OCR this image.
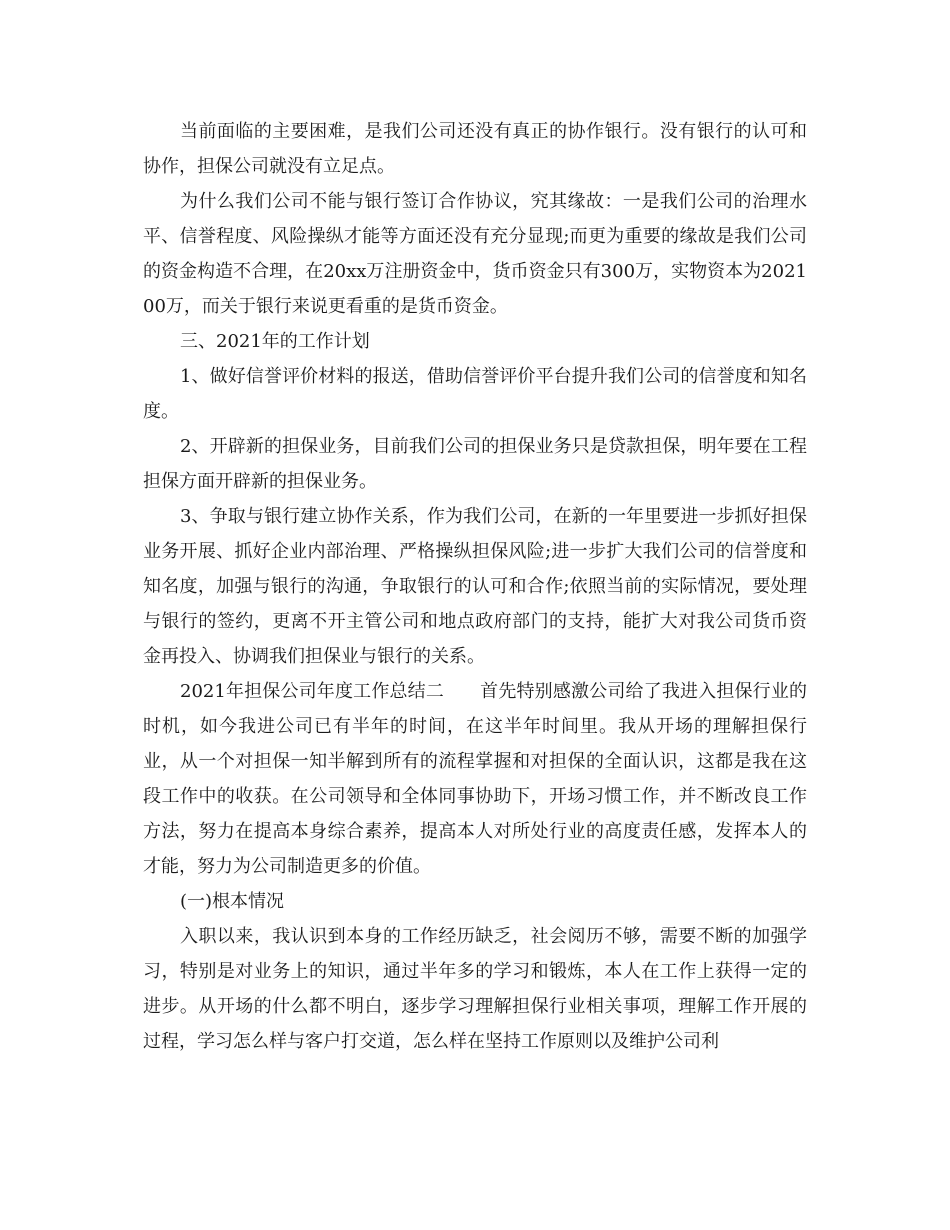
当前面临的主要困难，是我们公司还没有真正的协作银行。没有银行的认可和协作，担保公司就没有立足点。

为什么我们公司不能与银行签订合作协议，究其缘故：一是我们公司的治理水平、信誉程度、风险操纵才能等方面还没有充分显现;而更为重要的缘故是我们公司的资金构造不合理，在20xx万注册资金中，货币资金只有300万，实物资本为202100万，而关于银行来说更看重的是货币资金。

三、2021年的工作计划

1、做好信誉评价材料的报送，借助信誉评价平台提升我们公司的信誉度和知名度。

2、开辟新的担保业务，目前我们公司的担保业务只是贷款担保，明年要在工程担保方面开辟新的担保业务。

3、争取与银行建立协作关系，作为我们公司，在新的一年里要进一步抓好担保业务开展、抓好企业内部治理、严格操纵担保风险;进一步扩大我们公司的信誉度和知名度，加强与银行的沟通，争取银行的认可和合作;依照当前的实际情况，要处理与银行的签约，更离不开主管公司和地点政府部门的支持，能扩大对我公司货币资金再投入、协调我们担保业与银行的关系。

2021年担保公司年度工作总结二 首先特别感激公司给了我进入担保行业的时机，如今我进公司已有半年的时间，在这半年时间里。我从开场的理解担保行业，从一个对担保一知半解到所有的流程掌握和对担保的全面认识，这都是我在这段工作中的收获。在公司领导和全体同事协助下，开场习惯工作，并不断改良工作方法，努力在提高本身综合素养，提高本人对所处行业的高度责任感，发挥本人的才能，努力为公司制造更多的价值。

(一)根本情况

入职以来，我认识到本身的工作经历缺乏，社会阅历不够，需要不断的加强学习，特别是对业务上的知识，通过半年多的学习和锻炼，本人在工作上获得一定的进步。从开场的什么都不明白，逐步学习理解担保行业相关事项，理解工作开展的过程，学习怎么样与客户打交道，怎么样在坚持工作原则以及维护公司利
